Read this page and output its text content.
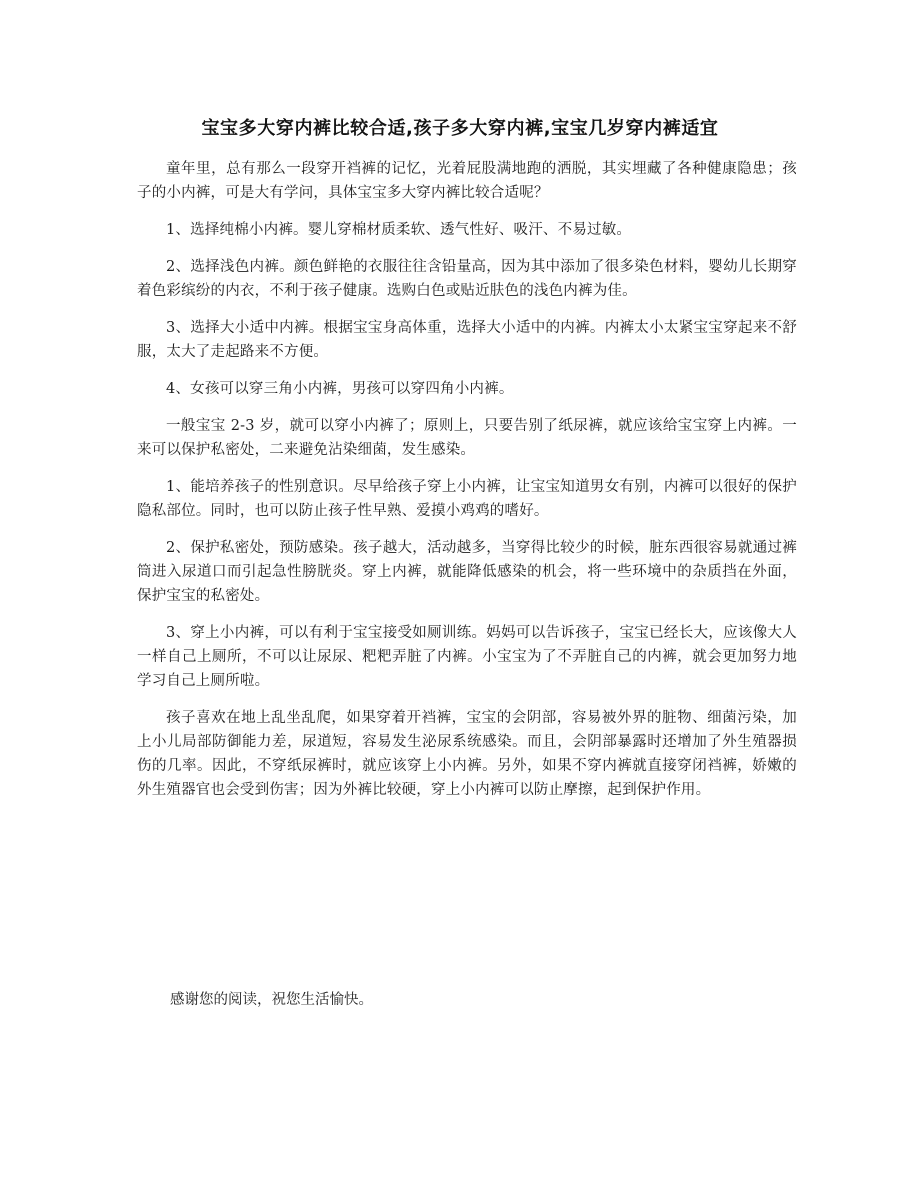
宝宝多大穿内裤比较合适,孩子多大穿内裤,宝宝几岁穿内裤适宜

童年里，总有那么一段穿开裆裤的记忆，光着屁股满地跑的洒脱，其实埋藏了各种健康隐患；孩子的小内裤，可是大有学问，具体宝宝多大穿内裤比较合适呢？

1、选择纯棉小内裤。婴儿穿棉材质柔软、透气性好、吸汗、不易过敏。

2、选择浅色内裤。颜色鲜艳的衣服往往含铅量高，因为其中添加了很多染色材料，婴幼儿长期穿着色彩缤纷的内衣，不利于孩子健康。选购白色或贴近肤色的浅色内裤为佳。

3、选择大小适中内裤。根据宝宝身高体重，选择大小适中的内裤。内裤太小太紧宝宝穿起来不舒服，太大了走起路来不方便。

4、女孩可以穿三角小内裤，男孩可以穿四角小内裤。

一般宝宝 2-3 岁，就可以穿小内裤了；原则上，只要告别了纸尿裤，就应该给宝宝穿上内裤。一来可以保护私密处，二来避免沾染细菌，发生感染。

1、能培养孩子的性别意识。尽早给孩子穿上小内裤，让宝宝知道男女有别，内裤可以很好的保护隐私部位。同时，也可以防止孩子性早熟、爱摸小鸡鸡的嗜好。

2、保护私密处，预防感染。孩子越大，活动越多，当穿得比较少的时候，脏东西很容易就通过裤筒进入尿道口而引起急性膀胱炎。穿上内裤，就能降低感染的机会，将一些环境中的杂质挡在外面，保护宝宝的私密处。

3、穿上小内裤，可以有利于宝宝接受如厕训练。妈妈可以告诉孩子，宝宝已经长大，应该像大人一样自己上厕所，不可以让尿尿、粑粑弄脏了内裤。小宝宝为了不弄脏自己的内裤，就会更加努力地学习自己上厕所啦。

孩子喜欢在地上乱坐乱爬，如果穿着开裆裤，宝宝的会阴部，容易被外界的脏物、细菌污染，加上小儿局部防御能力差，尿道短，容易发生泌尿系统感染。而且，会阴部暴露时还增加了外生殖器损伤的几率。因此，不穿纸尿裤时，就应该穿上小内裤。另外，如果不穿内裤就直接穿闭裆裤，娇嫩的外生殖器官也会受到伤害；因为外裤比较硬，穿上小内裤可以防止摩擦，起到保护作用。

感谢您的阅读，祝您生活愉快。
